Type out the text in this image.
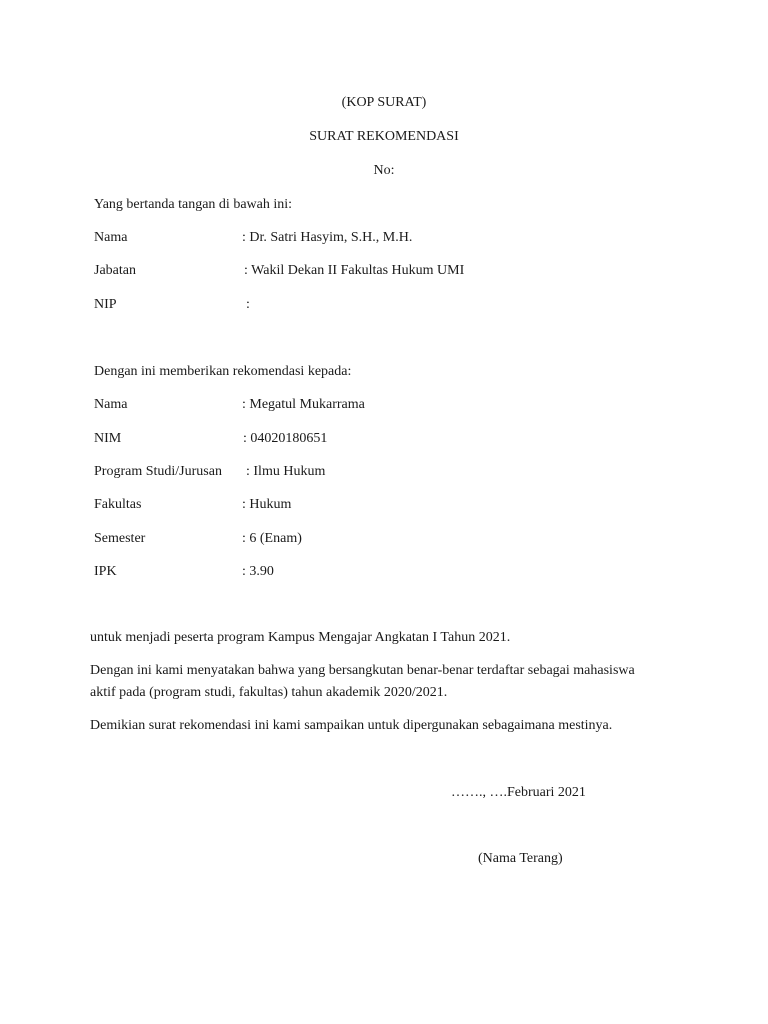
(KOP SURAT)
SURAT REKOMENDASI
No:
Yang bertanda tangan di bawah ini:
Nama	: Dr. Satri Hasyim, S.H., M.H.
Jabatan	: Wakil Dekan II Fakultas Hukum UMI
NIP	:
Dengan ini memberikan rekomendasi kepada:
Nama	: Megatul Mukarrama
NIM	: 04020180651
Program Studi/Jurusan : Ilmu Hukum
Fakultas	: Hukum
Semester	: 6 (Enam)
IPK	: 3.90
untuk menjadi peserta program Kampus Mengajar Angkatan I Tahun 2021.
Dengan ini kami menyatakan bahwa yang bersangkutan benar-benar terdaftar sebagai mahasiswa
aktif pada (program studi, fakultas) tahun akademik 2020/2021.
Demikian surat rekomendasi ini kami sampaikan untuk dipergunakan sebagaimana mestinya.
……., ….Februari 2021
(Nama Terang)
